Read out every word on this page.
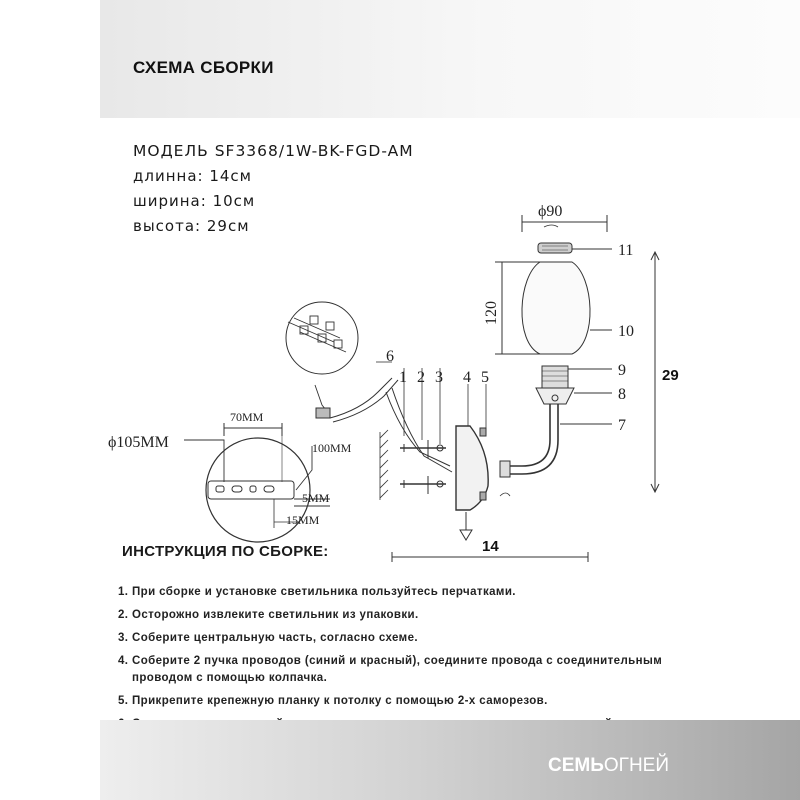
СХЕМА СБОРКИ
МОДЕЛЬ SF3368/1W-BK-FGD-AM
длинна: 14см
ширина: 10см
высота: 29см
ϕ90
11
10
9
8
7
120
29
14
6
1 2 3 4 5
ϕ105MM
70MM
100MM
5MM
15MM
ИНСТРУКЦИЯ ПО СБОРКЕ:
1. При сборке и установке светильника пользуйтесь перчатками.
2. Осторожно извлеките светильник из упаковки.
3. Соберите центральную часть, согласно схеме.
4. Соберите 2 пучка проводов (синий и красный), соедините провода с соединительным проводом с помощью колпачка.
5. Прикрепите крепежную планку к потолку с помощью 2-х саморезов.
СЕМЬОГНЕЙ
